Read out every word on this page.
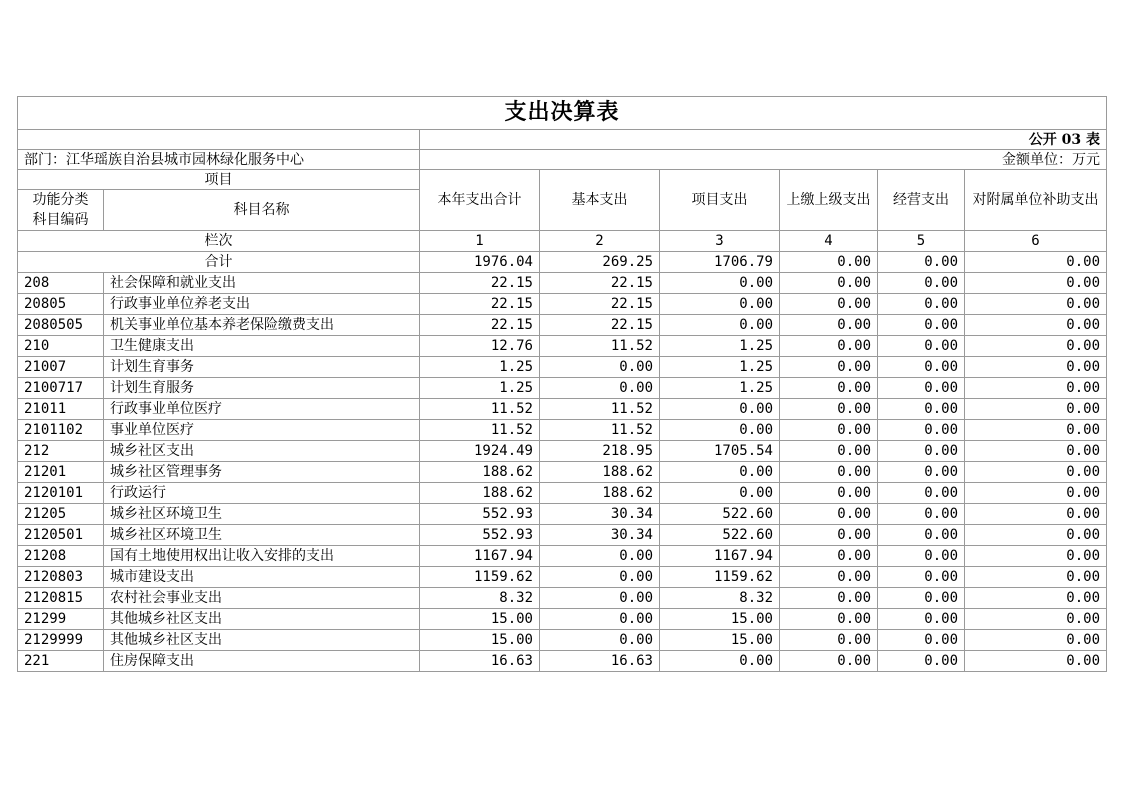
支出决算表							
		公开 03 表					
部门：江华瑶族自治县城市园林绿化服务中心		金额单位：万元					
项目		本年支出合计	基本支出	项目支出	上缴上级支出	经营支出	对附属单位补助支出
功能分类
科目编码	科目名称						
栏次		1	2	3	4	5	6
合计		1976.04	269.25	1706.79	0.00	0.00	0.00
208	社会保障和就业支出	22.15	22.15	0.00	0.00	0.00	0.00
20805	行政事业单位养老支出	22.15	22.15	0.00	0.00	0.00	0.00
2080505	机关事业单位基本养老保险缴费支出	22.15	22.15	0.00	0.00	0.00	0.00
210	卫生健康支出	12.76	11.52	1.25	0.00	0.00	0.00
21007	计划生育事务	1.25	0.00	1.25	0.00	0.00	0.00
2100717	计划生育服务	1.25	0.00	1.25	0.00	0.00	0.00
21011	行政事业单位医疗	11.52	11.52	0.00	0.00	0.00	0.00
2101102	事业单位医疗	11.52	11.52	0.00	0.00	0.00	0.00
212	城乡社区支出	1924.49	218.95	1705.54	0.00	0.00	0.00
21201	城乡社区管理事务	188.62	188.62	0.00	0.00	0.00	0.00
2120101	行政运行	188.62	188.62	0.00	0.00	0.00	0.00
21205	城乡社区环境卫生	552.93	30.34	522.60	0.00	0.00	0.00
2120501	城乡社区环境卫生	552.93	30.34	522.60	0.00	0.00	0.00
21208	国有土地使用权出让收入安排的支出	1167.94	0.00	1167.94	0.00	0.00	0.00
2120803	城市建设支出	1159.62	0.00	1159.62	0.00	0.00	0.00
2120815	农村社会事业支出	8.32	0.00	8.32	0.00	0.00	0.00
21299	其他城乡社区支出	15.00	0.00	15.00	0.00	0.00	0.00
2129999	其他城乡社区支出	15.00	0.00	15.00	0.00	0.00	0.00
221	住房保障支出	16.63	16.63	0.00	0.00	0.00	0.00
